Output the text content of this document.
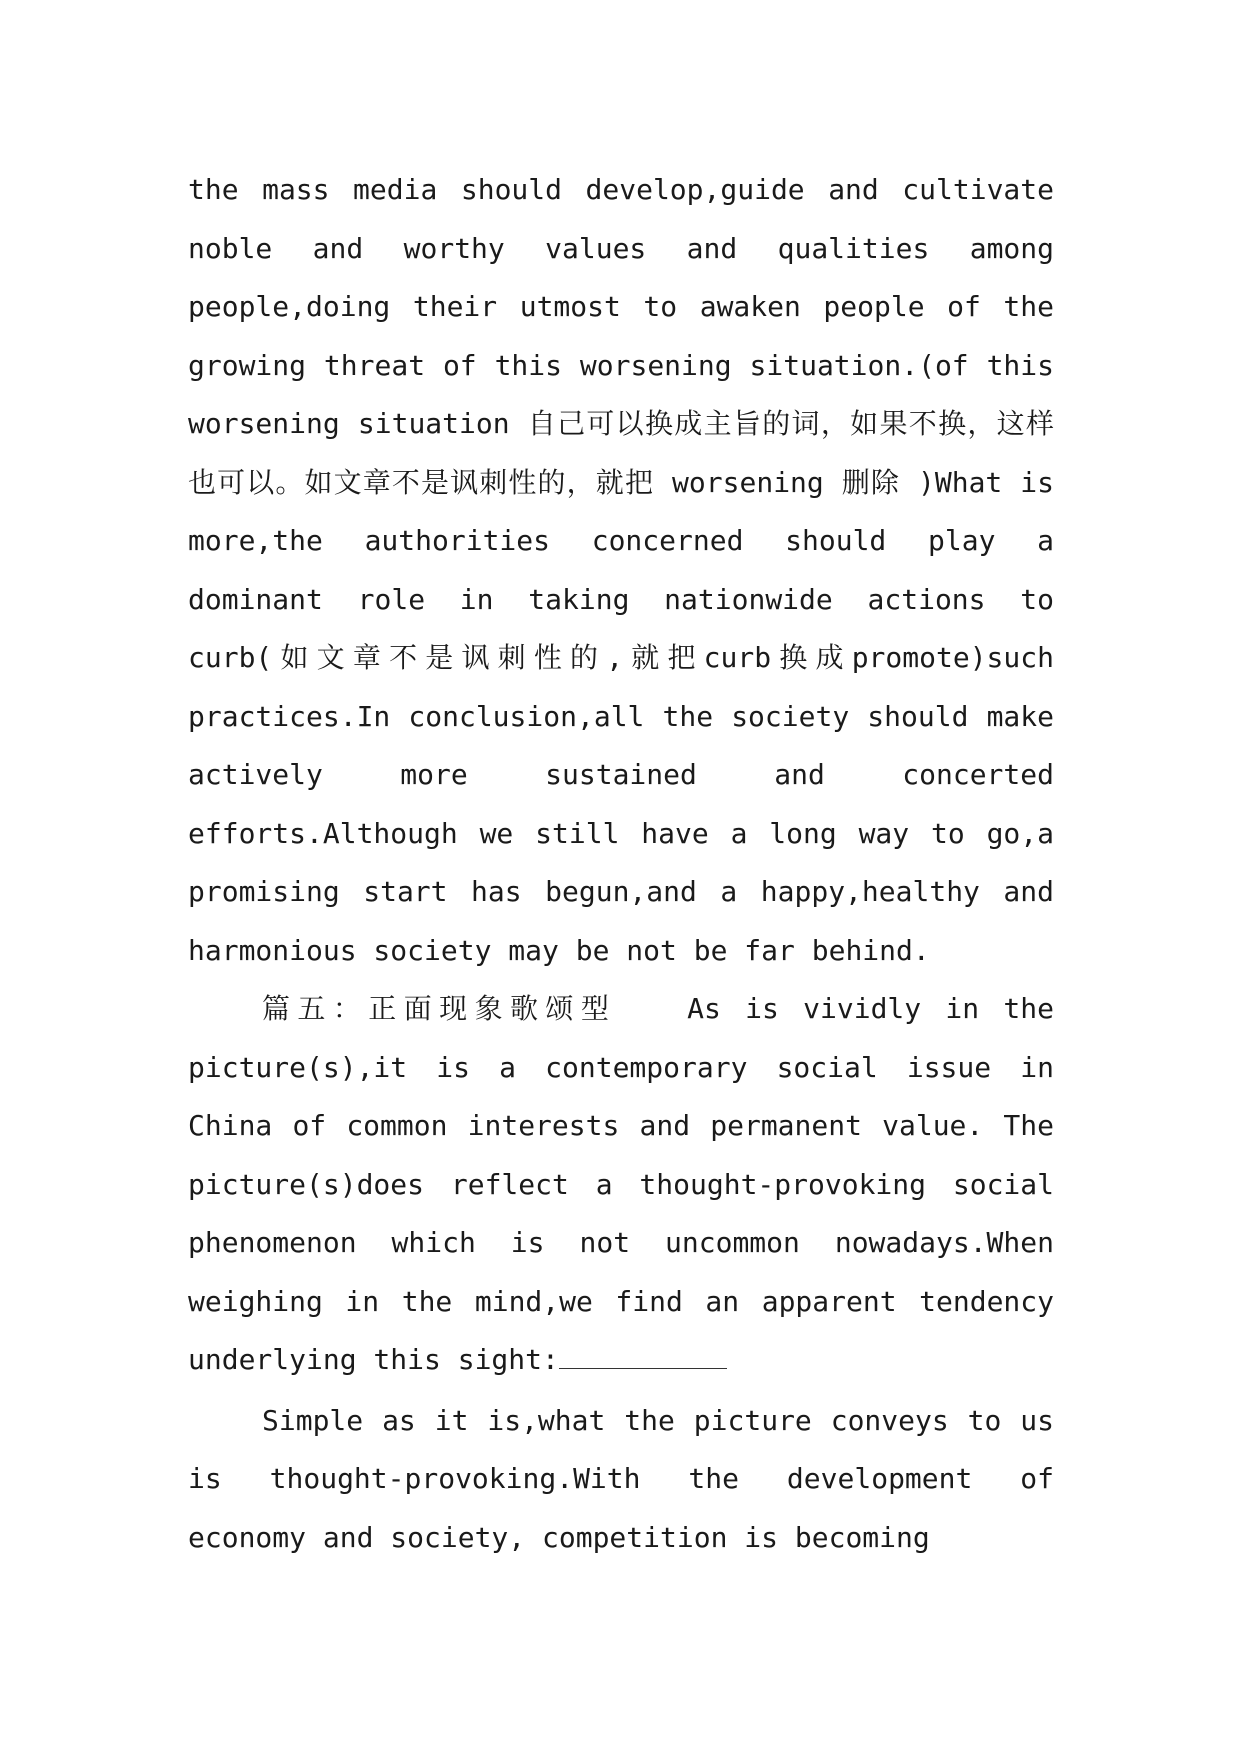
the mass media should develop,guide and cultivate noble and worthy values and qualities among people,doing their utmost to awaken people of the growing threat of this worsening situation.(of this worsening situation 自己可以换成主旨的词，如果不换，这样也可以。如文章不是讽刺性的，就把 worsening 删除 )What is more,the authorities concerned should play a dominant role in taking nationwide actions to curb(如文章不是讽刺性的,就把curb换成promote)such practices.In conclusion,all the society should make actively more sustained and concerted efforts.Although we still have a long way to go,a promising start has begun,and a happy,healthy and harmonious society may be not be far behind.

篇五：正面现象歌颂型　　As is vividly in the picture(s),it is a contemporary social issue in China of common interests and permanent value. The picture(s)does reflect a thought-provoking social phenomenon which is not uncommon nowadays.When weighing in the mind,we find an apparent tendency underlying this sight:

Simple as it is,what the picture conveys to us is thought-provoking.With the development of economy and society, competition is becoming
